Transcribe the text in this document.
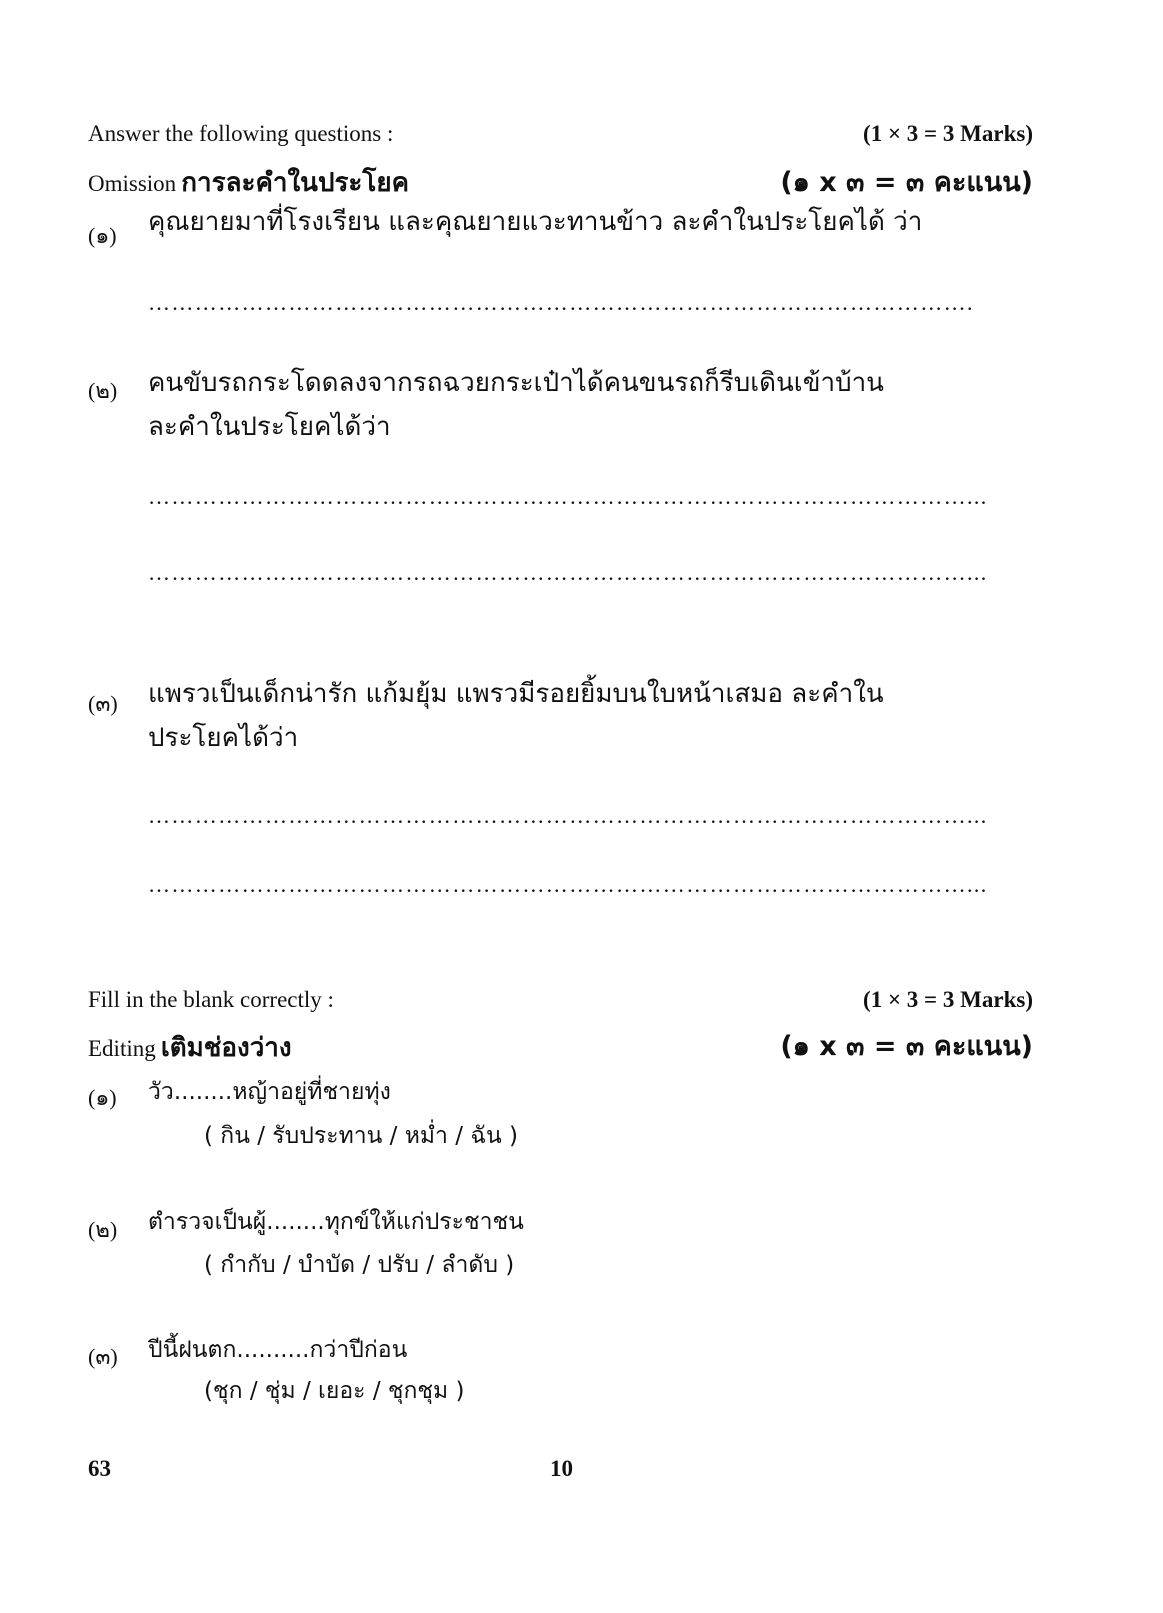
Answer the following questions :	(1 × 3 = 3 Marks)
Omission การละคำในประโยค	(๑ x ๓ = ๓ คะแนน)
(๑) คุณยายมาที่โรงเรียน และคุณยายแวะทานข้าว ละคำในประโยคได้ ว่า
…………………………………………………………………………………………….
(๒) คนขับรถกระโดดลงจากรถฉวยกระเป๋าได้คนขนรถก็รีบเดินเข้าบ้าน
ละคำในประโยคได้ว่า
……………………………………………………………………………………………...
……………………………………………………………………………………………...
(๓) แพรวเป็นเด็กน่ารัก แก้มยุ้ม แพรวมีรอยยิ้มบนใบหน้าเสมอ ละคำใน
ประโยคได้ว่า
……………………………………………………………………………………………...
……………………………………………………………………………………………...
Fill in the blank correctly :	(1 × 3 = 3 Marks)
Editing เติมช่องว่าง	(๑ x ๓ = ๓ คะแนน)
(๑) วัว........หญ้าอยู่ที่ชายทุ่ง
( กิน / รับประทาน / หม่ำ / ฉัน )
(๒) ตำรวจเป็นผู้........ทุกข์ให้แก่ประชาชน
( กำกับ / บำบัด / ปรับ / ลำดับ )
(๓) ปีนี้ฝนตก..........กว่าปีก่อน
(ชุก / ชุ่ม / เยอะ / ชุกชุม )
63	10
